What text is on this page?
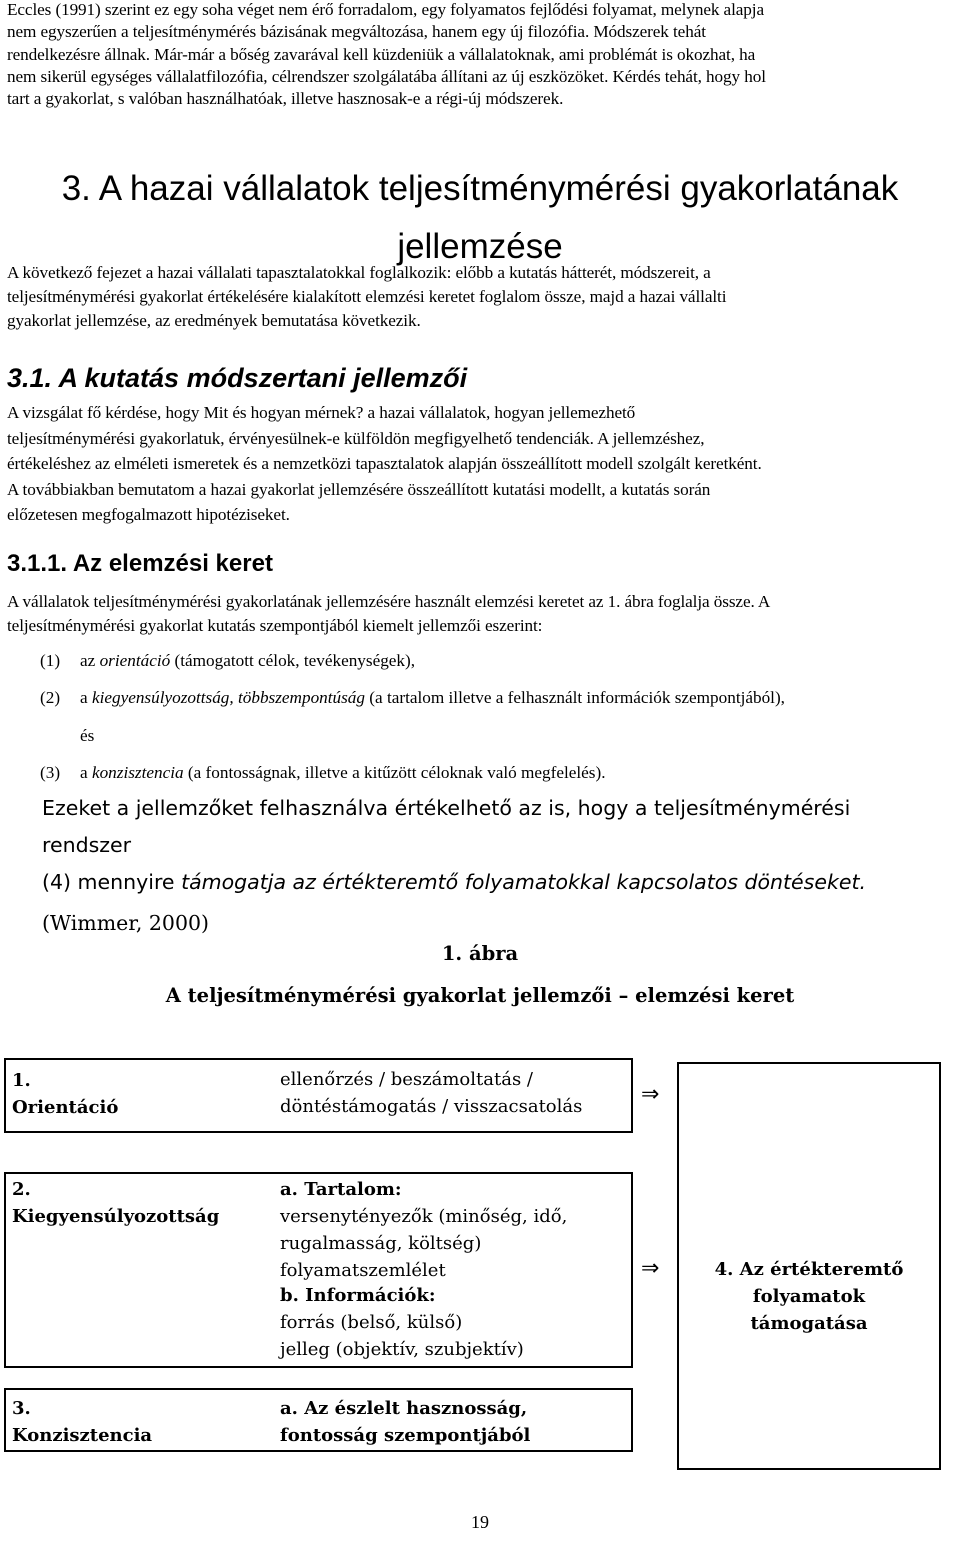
Eccles (1991) szerint ez egy soha véget nem érő forradalom, egy folyamatos fejlődési folyamat, melynek alapja

nem egyszerűen a teljesítménymérés bázisának megváltozása, hanem egy új filozófia. Módszerek tehát

rendelkezésre állnak. Már-már a bőség zavarával kell küzdeniük a vállalatoknak, ami problémát is okozhat, ha

nem sikerül egységes vállalatfilozófia, célrendszer szolgálatába állítani az új eszközöket. Kérdés tehát, hogy hol

tart a gyakorlat, s valóban használhatóak, illetve hasznosak-e a régi-új módszerek.

3. A hazai vállalatok teljesítménymérési gyakorlatának
jellemzése

A következő fejezet a hazai vállalati tapasztalatokkal foglalkozik: előbb a kutatás hátterét, módszereit, a

teljesítménymérési gyakorlat értékelésére kialakított elemzési keretet foglalom össze, majd a hazai vállalti

gyakorlat jellemzése, az eredmények bemutatása következik.

3.1. A kutatás módszertani jellemzői

A vizsgálat fő kérdése, hogy Mit és hogyan mérnek? a hazai vállalatok, hogyan jellemezhető

teljesítménymérési gyakorlatuk, érvényesülnek-e külföldön megfigyelhető tendenciák. A jellemzéshez,

értékeléshez az elméleti ismeretek és a nemzetközi tapasztalatok alapján összeállított modell szolgált keretként.

A továbbiakban bemutatom a hazai gyakorlat jellemzésére összeállított kutatási modellt, a kutatás során

előzetesen megfogalmazott hipotéziseket.

3.1.1. Az elemzési keret

A vállalatok teljesítménymérési gyakorlatának jellemzésére használt elemzési keretet az 1. ábra foglalja össze. A

teljesítménymérési gyakorlat kutatás szempontjából kiemelt jellemzői eszerint:

(1) az orientáció (támogatott célok, tevékenységek),
(2) a kiegyensúlyozottság, többszempontúság (a tartalom illetve a felhasznált információk szempontjából),
és
(3) a konzisztencia (a fontosságnak, illetve a kitűzött céloknak való megfelelés).
Ezeket a jellemzőket felhasználva értékelhető az is, hogy a teljesítménymérési
rendszer
(4) mennyire támogatja az értékteremtő folyamatokkal kapcsolatos döntéseket.
(Wimmer, 2000)
1. ábra
A teljesítménymérési gyakorlat jellemzői – elemzési keret
1.
Orientáció
ellenőrzés / beszámoltatás /
döntéstámogatás / visszacsatolás
2.
Kiegyensúlyozottság
a. Tartalom:
versenytényezők (minőség, idő,
rugalmasság, költség)
folyamatszemlélet
b. Információk:
forrás (belső, külső)
jelleg (objektív, szubjektív)
3.
Konzisztencia
a. Az észlelt hasznosság,
fontosság szempontjából
⇒
⇒	4. Az értékteremtő
folyamatok
támogatása
19
